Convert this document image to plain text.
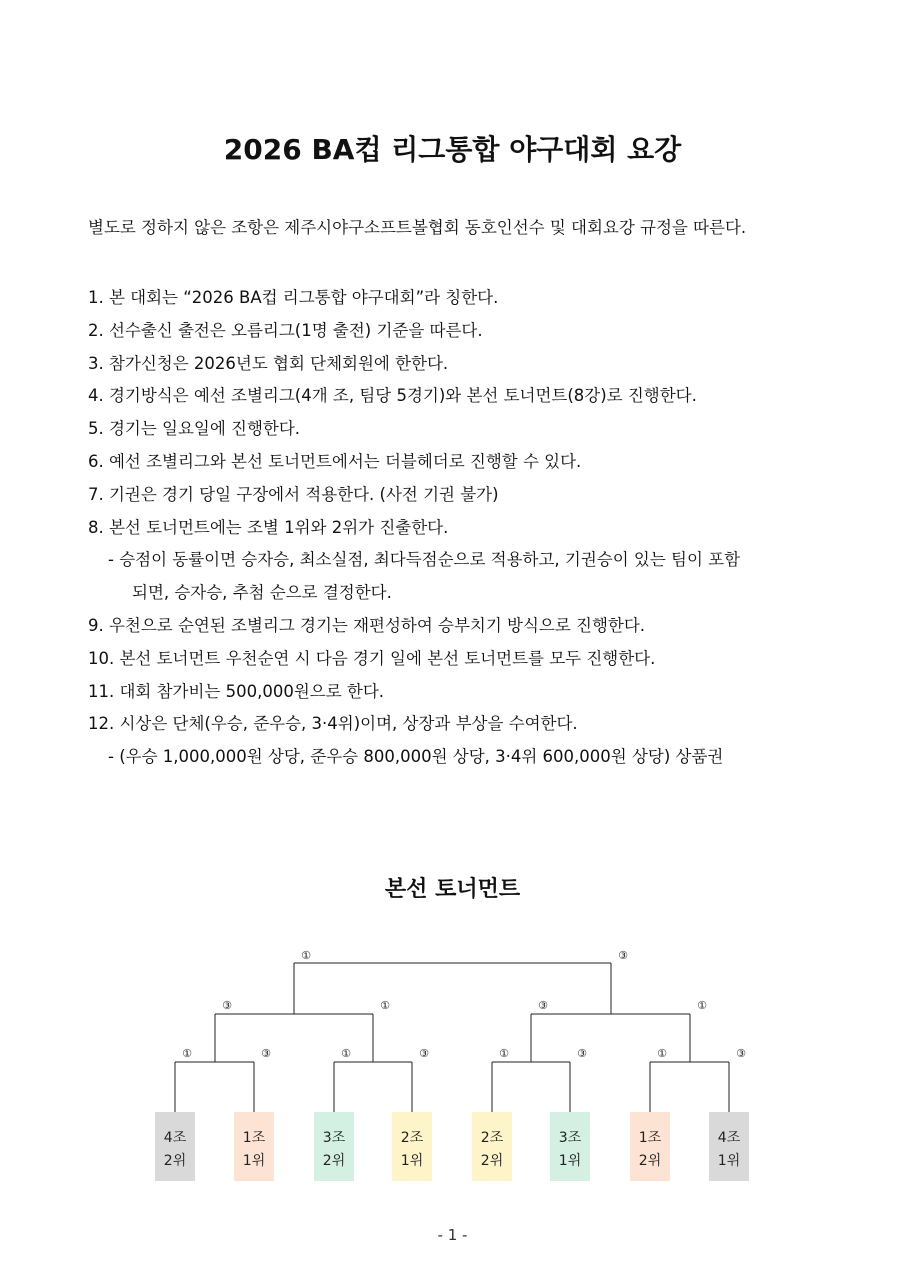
2026 BA컵 리그통합 야구대회 요강
별도로 정하지 않은 조항은 제주시야구소프트볼협회 동호인선수 및 대회요강 규정을 따른다.
1. 본 대회는 “2026 BA컵 리그통합 야구대회”라 칭한다.
2. 선수출신 출전은 오름리그(1명 출전) 기준을 따른다.
3. 참가신청은 2026년도 협회 단체회원에 한한다.
4. 경기방식은 예선 조별리그(4개 조, 팀당 5경기)와 본선 토너먼트(8강)로 진행한다.
5. 경기는 일요일에 진행한다.
6. 예선 조별리그와 본선 토너먼트에서는 더블헤더로 진행할 수 있다.
7. 기권은 경기 당일 구장에서 적용한다. (사전 기권 불가)
8. 본선 토너먼트에는 조별 1위와 2위가 진출한다.
- 승점이 동률이면 승자승, 최소실점, 최다득점순으로 적용하고, 기권승이 있는 팀이 포함
되면, 승자승, 추첨 순으로 결정한다.
9. 우천으로 순연된 조별리그 경기는 재편성하여 승부치기 방식으로 진행한다.
10. 본선 토너먼트 우천순연 시 다음 경기 일에 본선 토너먼트를 모두 진행한다.
11. 대회 참가비는 500,000원으로 한다.
12. 시상은 단체(우승, 준우승, 3·4위)이며, 상장과 부상을 수여한다.
- (우승 1,000,000원 상당, 준우승 800,000원 상당, 3·4위 600,000원 상당) 상품권
본선 토너먼트
4조
2위
1조
1위
3조
2위
2조
1위
2조
2위
3조
1위
1조
2위
4조
1위
①	③	①	③	①	③	①	③
③	①	③	①
①	③
- 1 -
